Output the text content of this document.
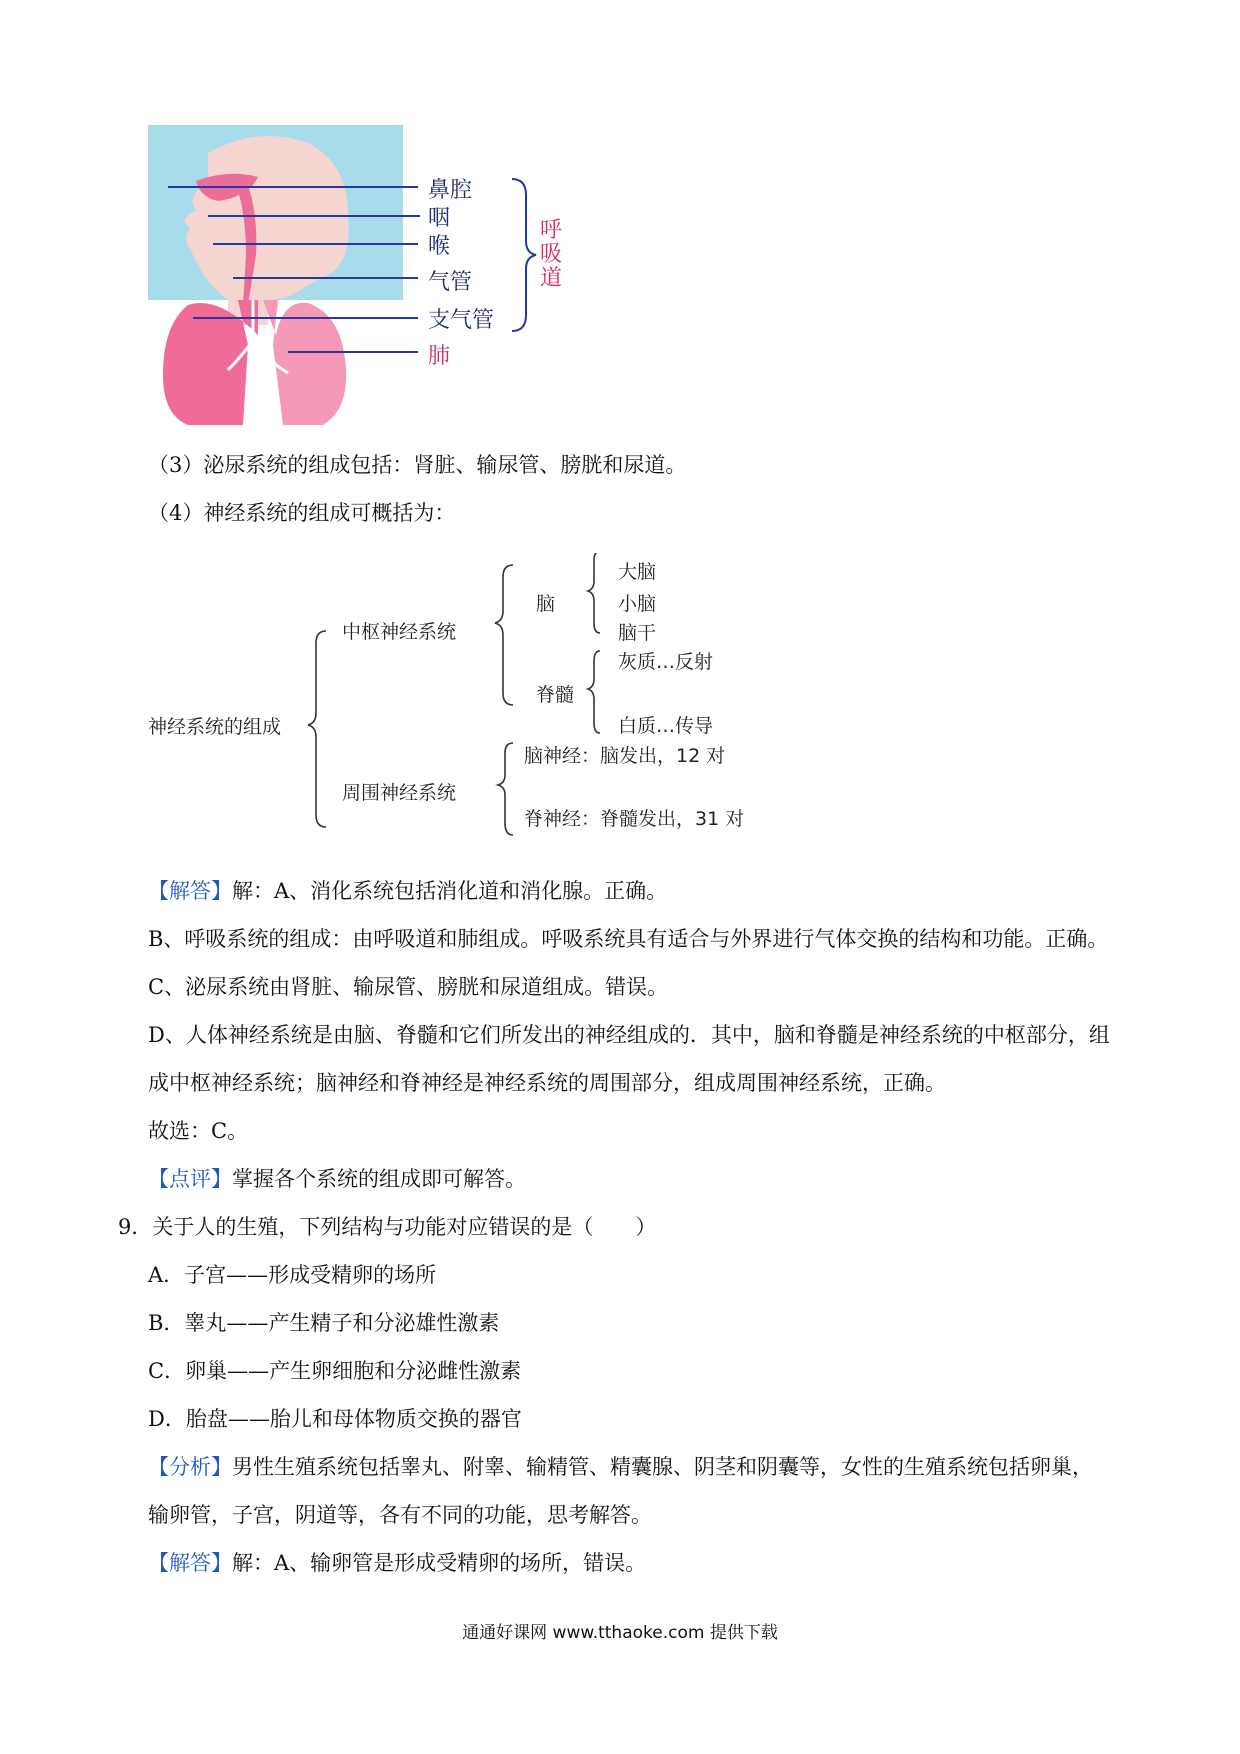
鼻腔
咽
喉
气管
支气管
肺
呼
吸
道
（3）泌尿系统的组成包括：肾脏、输尿管、膀胱和尿道。
（4）神经系统的组成可概括为：
神经系统的组成
中枢神经系统
周围神经系统
脑
大脑
小脑
脑干
脊髓
灰质…反射
白质…传导
脑神经：脑发出，12 对
脊神经：脊髓发出，31 对
【解答】解：A、消化系统包括消化道和消化腺。正确。
B、呼吸系统的组成：由呼吸道和肺组成。呼吸系统具有适合与外界进行气体交换的结构和功能。正确。
C、泌尿系统由肾脏、输尿管、膀胱和尿道组成。错误。
D、人体神经系统是由脑、脊髓和它们所发出的神经组成的．其中，脑和脊髓是神经系统的中枢部分，组
成中枢神经系统；脑神经和脊神经是神经系统的周围部分，组成周围神经系统，正确。
故选：C。
【点评】掌握各个系统的组成即可解答。
9．关于人的生殖，下列结构与功能对应错误的是（　　）
A．子宫——形成受精卵的场所
B．睾丸——产生精子和分泌雄性激素
C．卵巢——产生卵细胞和分泌雌性激素
D．胎盘——胎儿和母体物质交换的器官
【分析】男性生殖系统包括睾丸、附睾、输精管、精囊腺、阴茎和阴囊等，女性的生殖系统包括卵巢，
输卵管，子宫，阴道等，各有不同的功能，思考解答。
【解答】解：A、输卵管是形成受精卵的场所，错误。
通通好课网 www.tthaoke.com 提供下载
